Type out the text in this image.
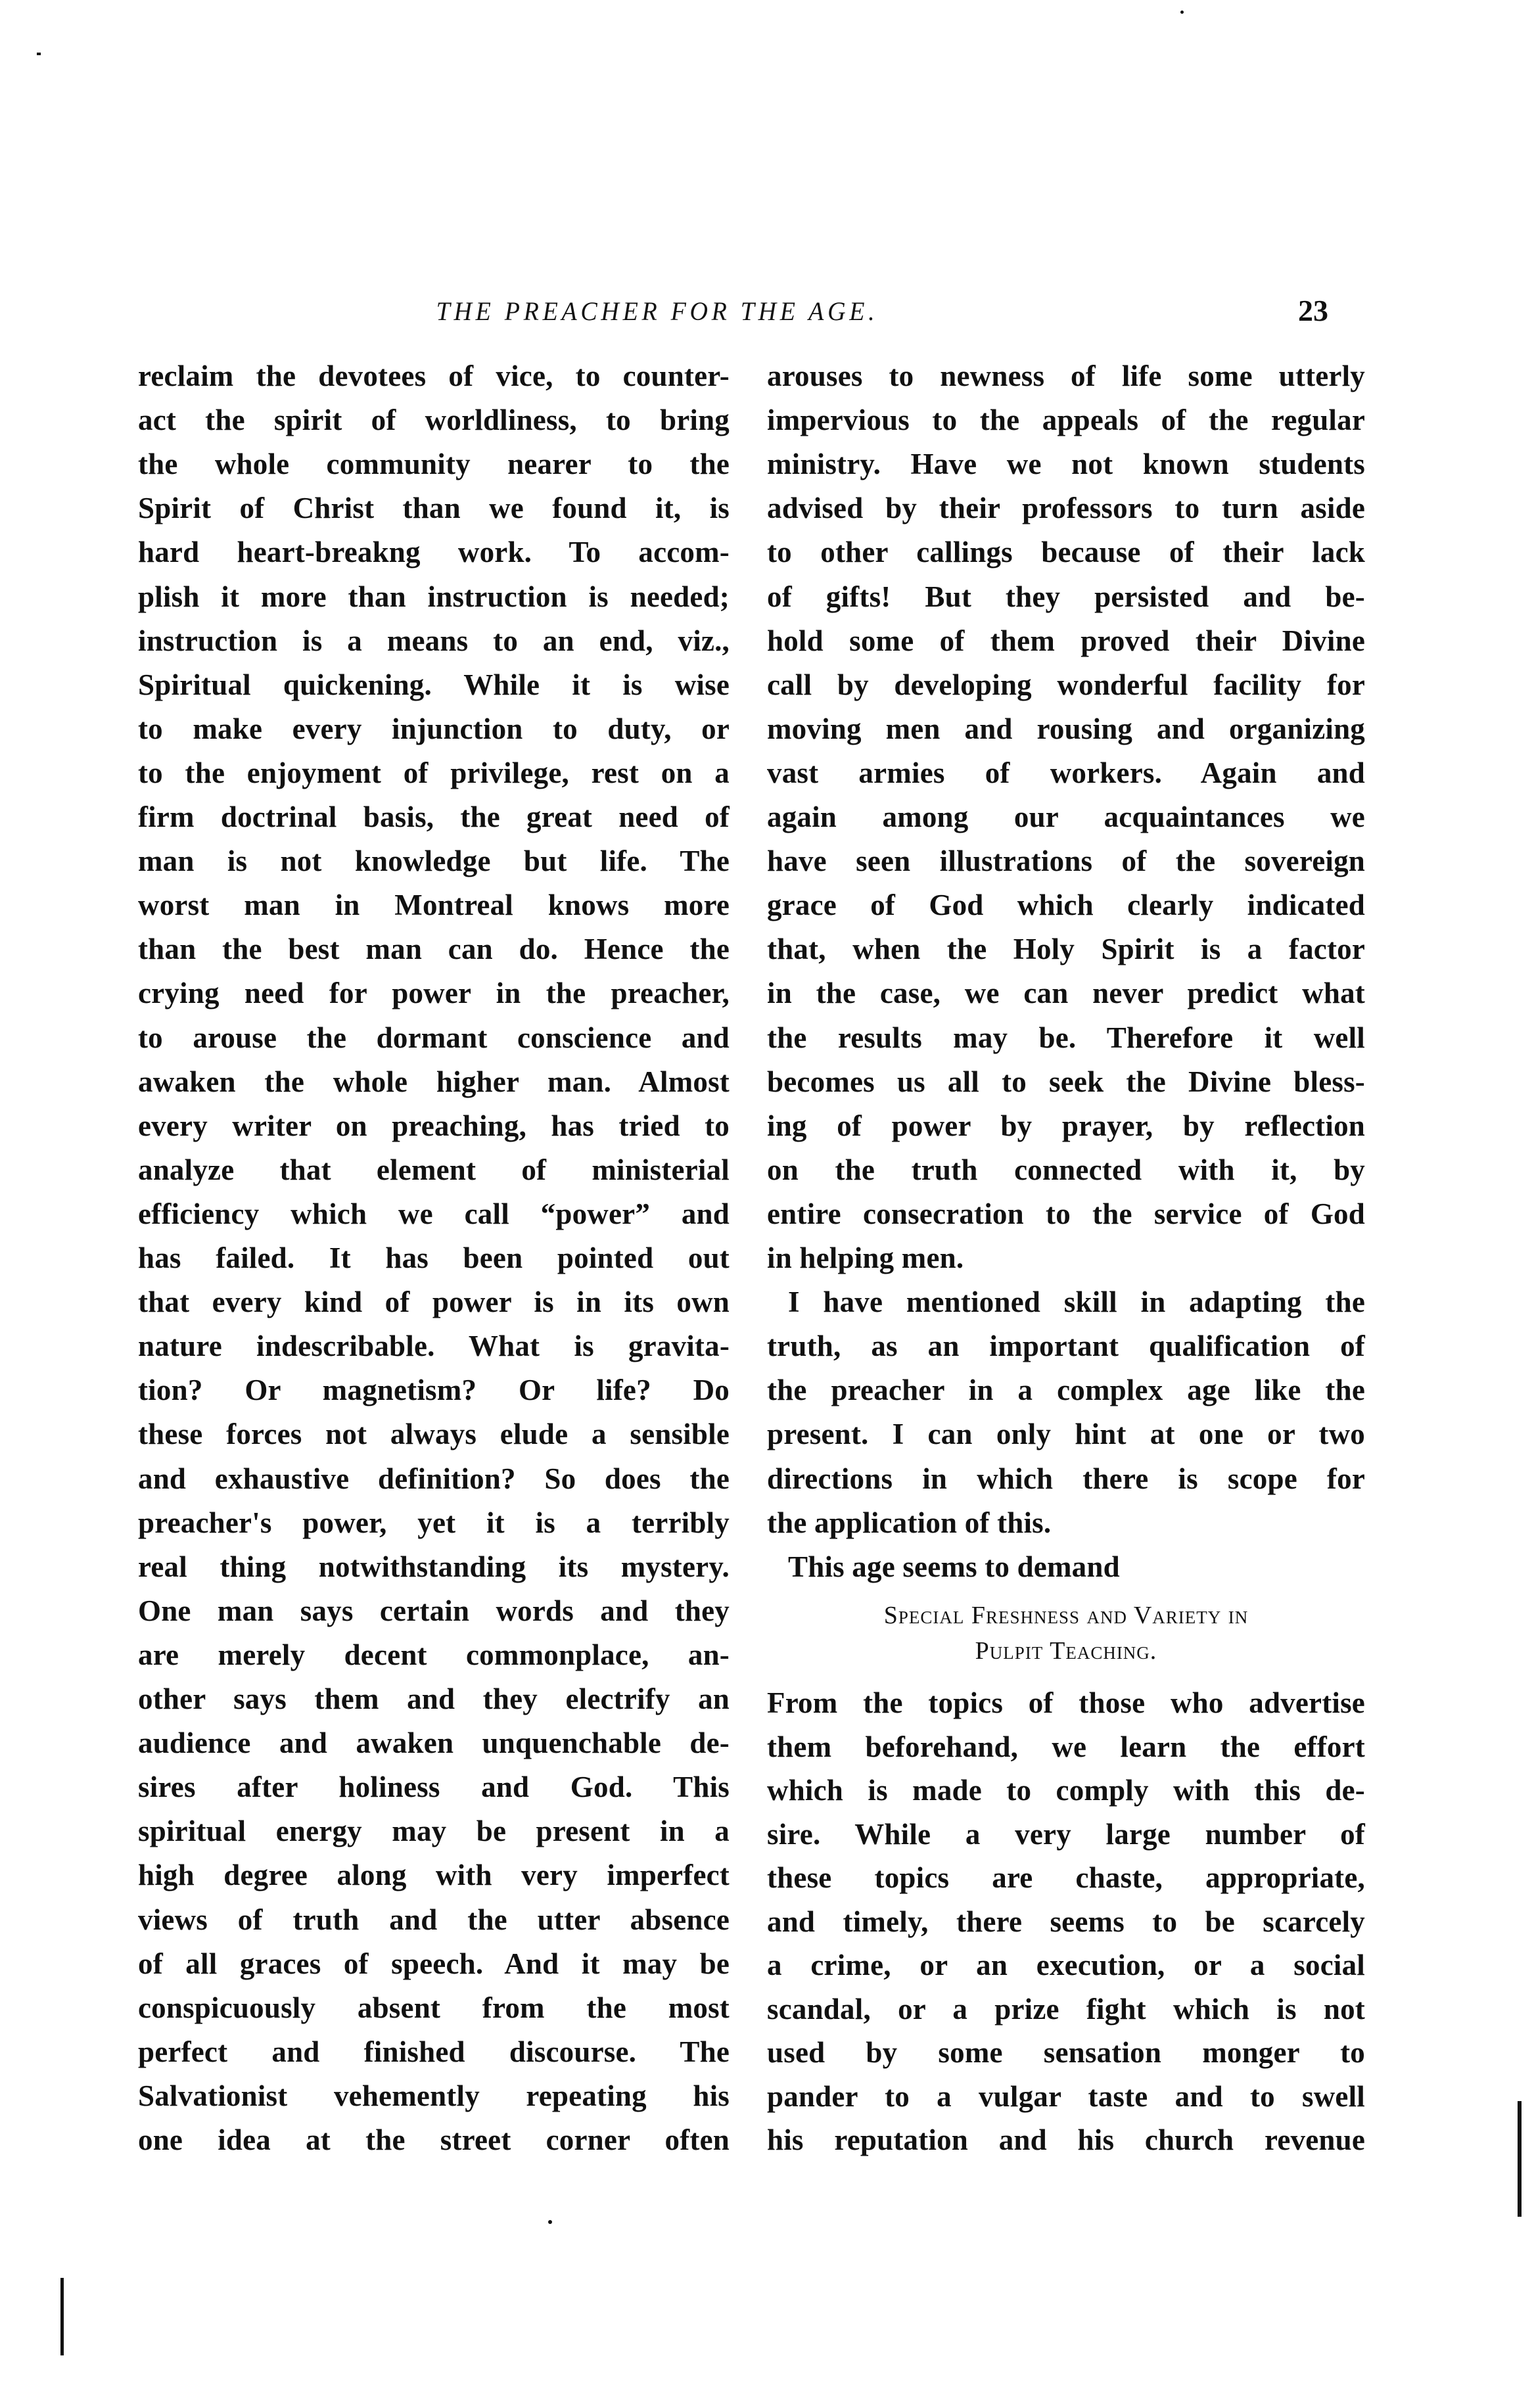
THE PREACHER FOR THE AGE.	23
reclaim the devotees of vice, to counter-
act the spirit of worldliness, to bring
the whole community nearer to the
Spirit of Christ than we found it, is
hard heart-breakng work. To accom-
plish it more than instruction is needed;
instruction is a means to an end, viz.,
Spiritual quickening. While it is wise
to make every injunction to duty, or
to the enjoyment of privilege, rest on a
firm doctrinal basis, the great need of
man is not knowledge but life. The
worst man in Montreal knows more
than the best man can do. Hence the
crying need for power in the preacher,
to arouse the dormant conscience and
awaken the whole higher man. Almost
every writer on preaching, has tried to
analyze that element of ministerial
efficiency which we call “power” and
has failed. It has been pointed out
that every kind of power is in its own
nature indescribable. What is gravita-
tion? Or magnetism? Or life? Do
these forces not always elude a sensible
and exhaustive definition? So does the
preacher's power, yet it is a terribly
real thing notwithstanding its mystery.
One man says certain words and they
are merely decent commonplace, an-
other says them and they electrify an
audience and awaken unquenchable de-
sires after holiness and God. This
spiritual energy may be present in a
high degree along with very imperfect
views of truth and the utter absence
of all graces of speech. And it may be
conspicuously absent from the most
perfect and finished discourse. The
Salvationist vehemently repeating his
one idea at the street corner often
arouses to newness of life some utterly
impervious to the appeals of the regular
ministry. Have we not known students
advised by their professors to turn aside
to other callings because of their lack
of gifts! But they persisted and be-
hold some of them proved their Divine
call by developing wonderful facility for
moving men and rousing and organizing
vast armies of workers. Again and
again among our acquaintances we
have seen illustrations of the sovereign
grace of God which clearly indicated
that, when the Holy Spirit is a factor
in the case, we can never predict what
the results may be. Therefore it well
becomes us all to seek the Divine bless-
ing of power by prayer, by reflection
on the truth connected with it, by
entire consecration to the service of God
in helping men.
I have mentioned skill in adapting the
truth, as an important qualification of
the preacher in a complex age like the
present. I can only hint at one or two
directions in which there is scope for
the application of this.
This age seems to demand
From the topics of those who advertise
them beforehand, we learn the effort
which is made to comply with this de-
sire. While a very large number of
these topics are chaste, appropriate,
and timely, there seems to be scarcely
a crime, or an execution, or a social
scandal, or a prize fight which is not
used by some sensation monger to
pander to a vulgar taste and to swell
his reputation and his church revenue
Special Freshness and Variety in
Pulpit Teaching.
